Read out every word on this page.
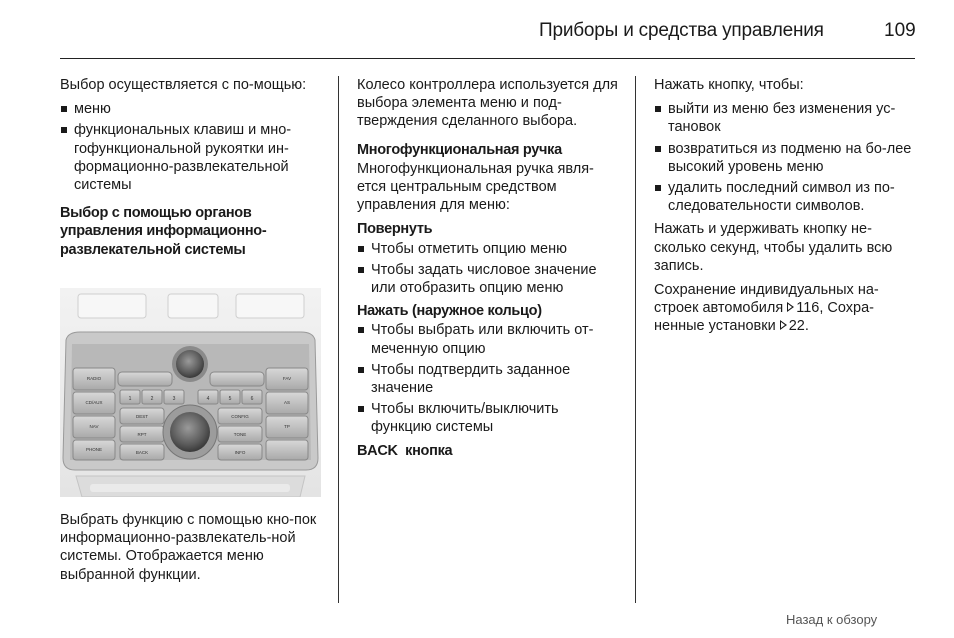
Приборы и средства управления	109

Выбор осуществляется с по-мощью:

меню
функциональных клавиш и мно-гофункциональной рукоятки ин-формационно-развлекательной системы
Выбор с помощью органов управления информационно-развлекательной системы
RADIO
CD/AUX
NAV
PHONE
FAV
AS
TP
1	2	3	4	5	6
DEST
RPT
BACK
CONFIG
TONE
INFO
Выбрать функцию с помощью кно-пок информационно-развлекатель-ной системы. Отображается меню выбранной функции.

Колесо контроллера используется для выбора элемента меню и под-тверждения сделанного выбора.

Многофункциональная ручка

Многофункциональная ручка явля-ется центральным средством управления для меню:

Повернуть
Чтобы отметить опцию меню
Чтобы задать числовое значение или отобразить опцию меню
Нажать (наружное кольцо)
Чтобы выбрать или включить от-меченную опцию
Чтобы подтвердить заданное значение
Чтобы включить/выключить функцию системы
BACK  кнопка

Нажать кнопку, чтобы:

выйти из меню без изменения ус-тановок
возвратиться из подменю на бо-лее высокий уровень меню
удалить последний символ из по-следовательности символов.

Нажать и удерживать кнопку не-сколько секунд, чтобы удалить всю запись.

Сохранение индивидуальных на-строек автомобиля 116, Сохра-ненные установки 22.

Назад к обзору
